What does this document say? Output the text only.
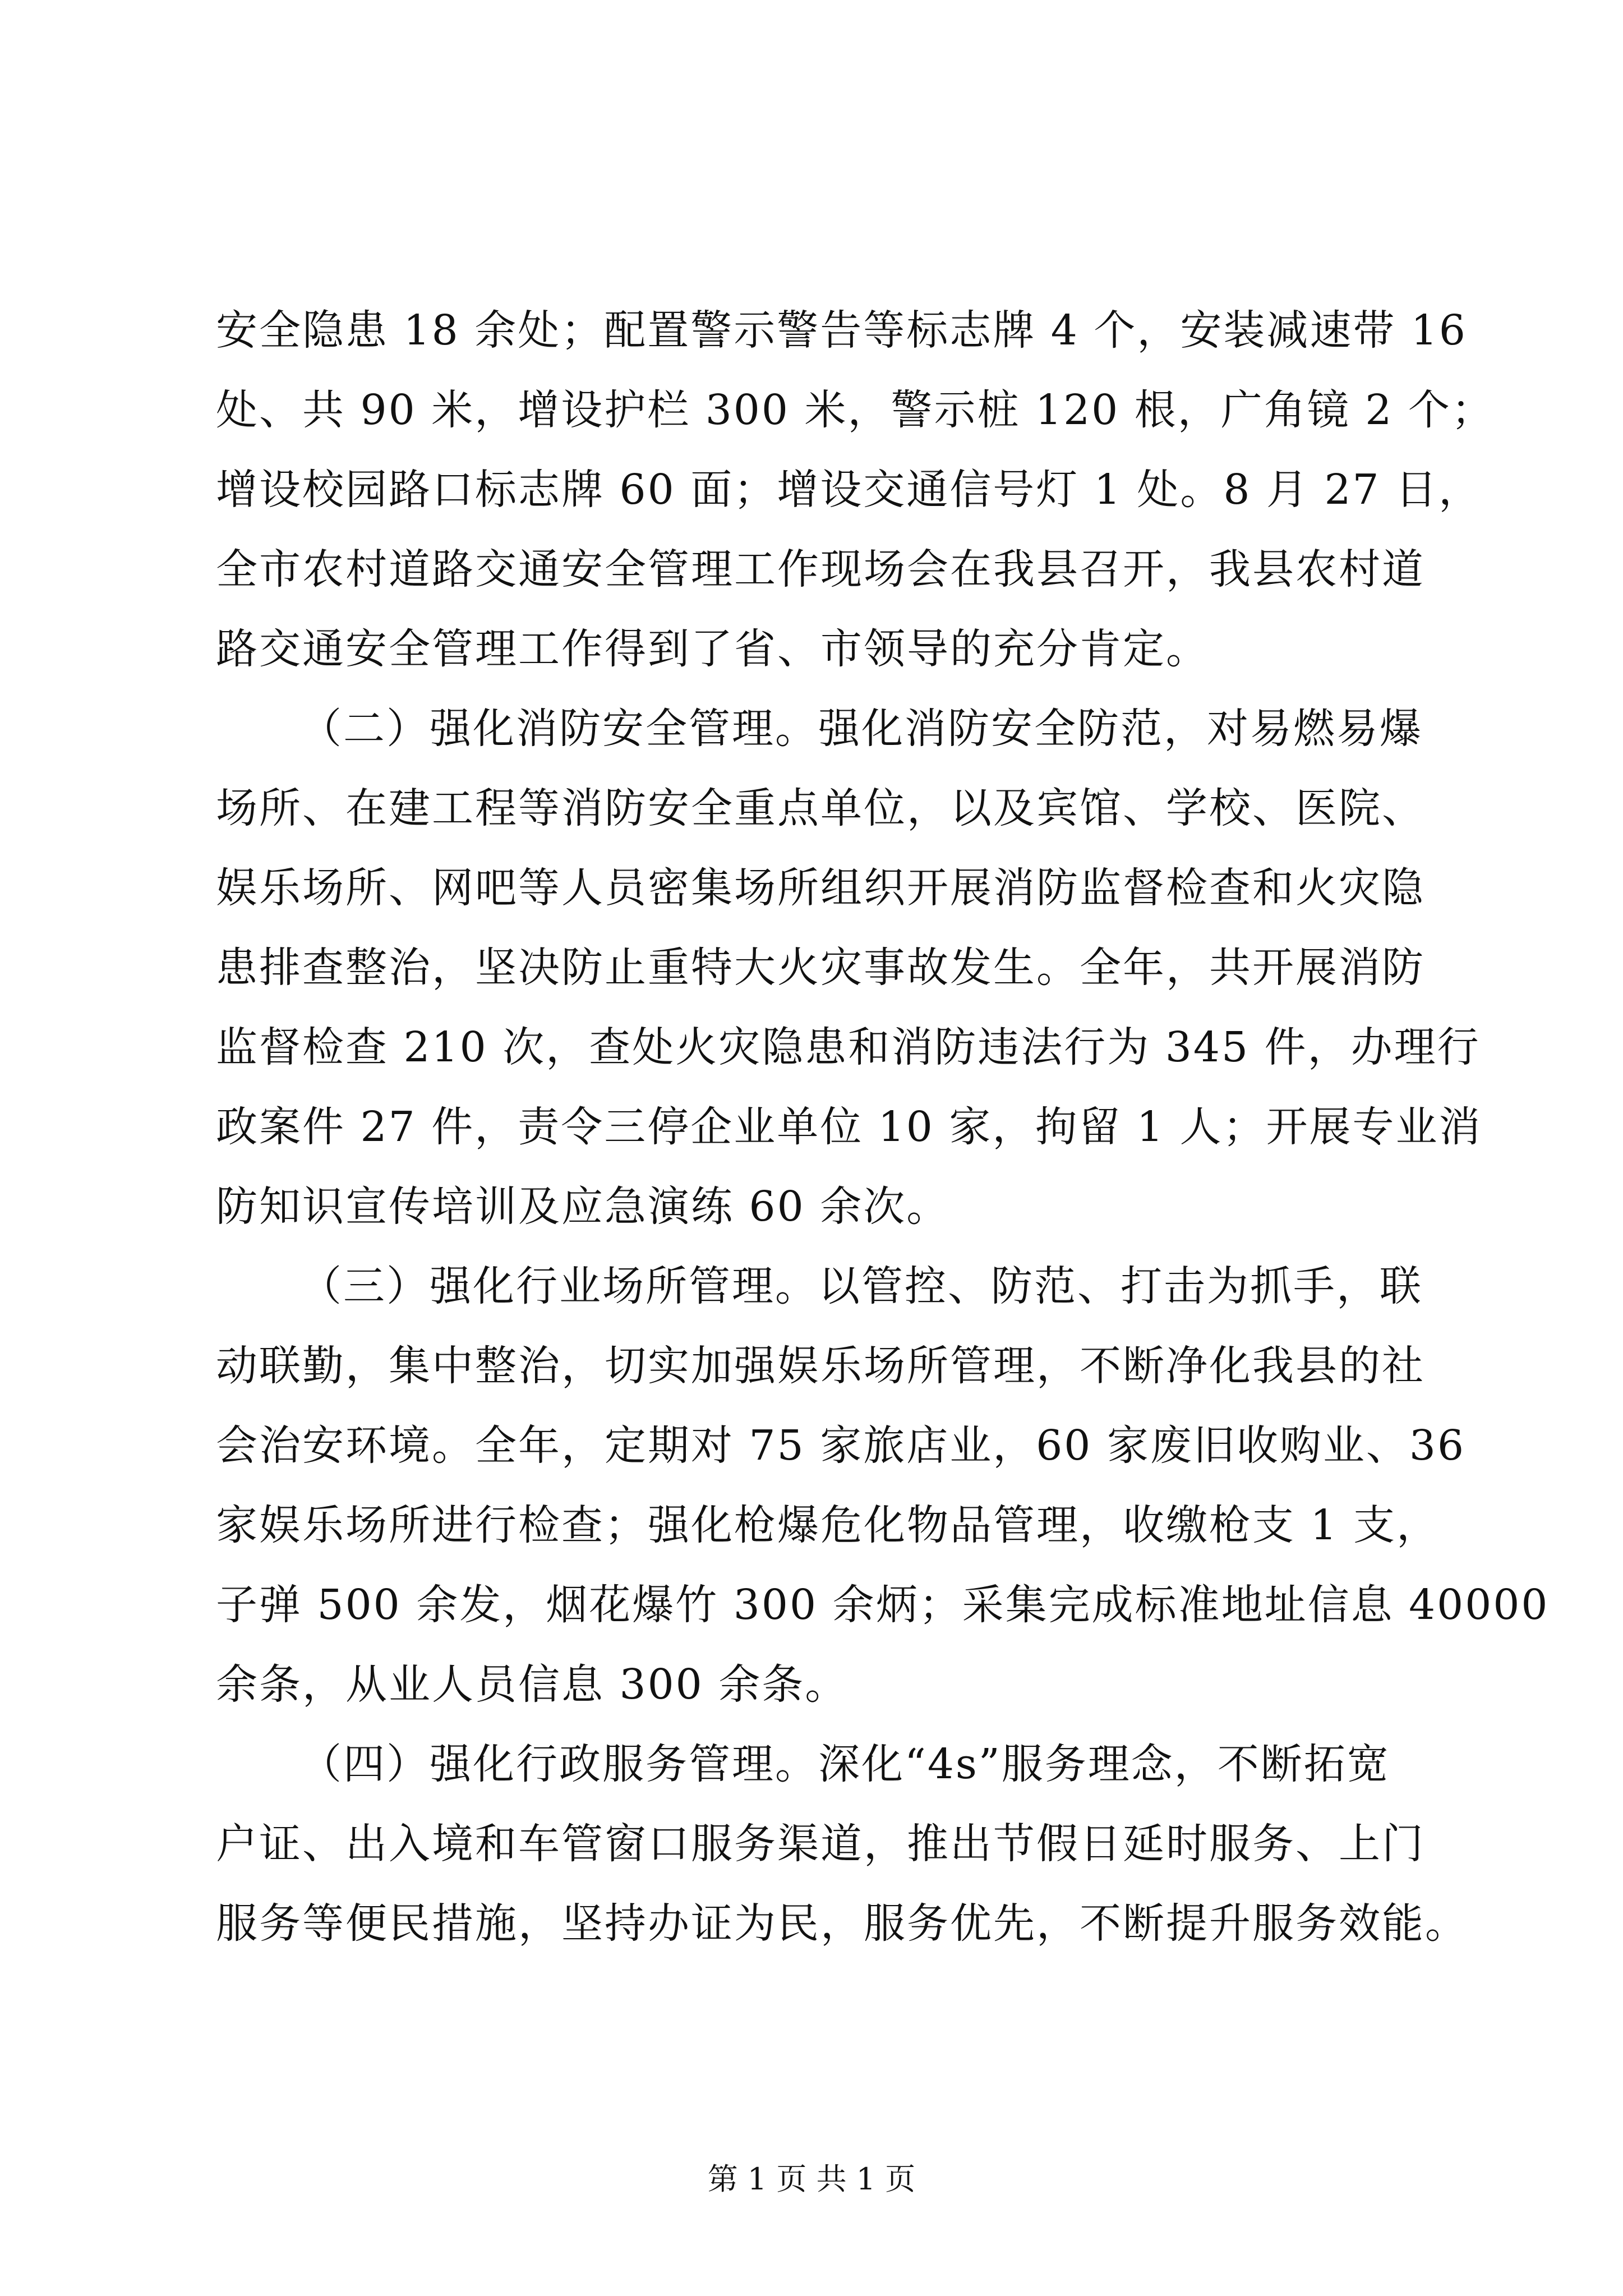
安全隐患 18 余处；配置警示警告等标志牌 4 个，安装减速带 16
处、共 90 米，增设护栏 300 米，警示桩 120 根，广角镜 2 个；
增设校园路口标志牌 60 面；增设交通信号灯 1 处。8 月 27 日，
全市农村道路交通安全管理工作现场会在我县召开，我县农村道
路交通安全管理工作得到了省、市领导的充分肯定。
（二）强化消防安全管理。强化消防安全防范，对易燃易爆
场所、在建工程等消防安全重点单位，以及宾馆、学校、医院、
娱乐场所、网吧等人员密集场所组织开展消防监督检查和火灾隐
患排查整治，坚决防止重特大火灾事故发生。全年，共开展消防
监督检查 210 次，查处火灾隐患和消防违法行为 345 件，办理行
政案件 27 件，责令三停企业单位 10 家，拘留 1 人；开展专业消
防知识宣传培训及应急演练 60 余次。
（三）强化行业场所管理。以管控、防范、打击为抓手，联
动联勤，集中整治，切实加强娱乐场所管理，不断净化我县的社
会治安环境。全年，定期对 75 家旅店业，60 家废旧收购业、36
家娱乐场所进行检查；强化枪爆危化物品管理，收缴枪支 1 支，
子弹 500 余发，烟花爆竹 300 余炳；采集完成标准地址信息 40000
余条，从业人员信息 300 余条。
（四）强化行政服务管理。深化“4s”服务理念，不断拓宽
户证、出入境和车管窗口服务渠道，推出节假日延时服务、上门
服务等便民措施，坚持办证为民，服务优先，不断提升服务效能。
第 1 页 共 1 页
